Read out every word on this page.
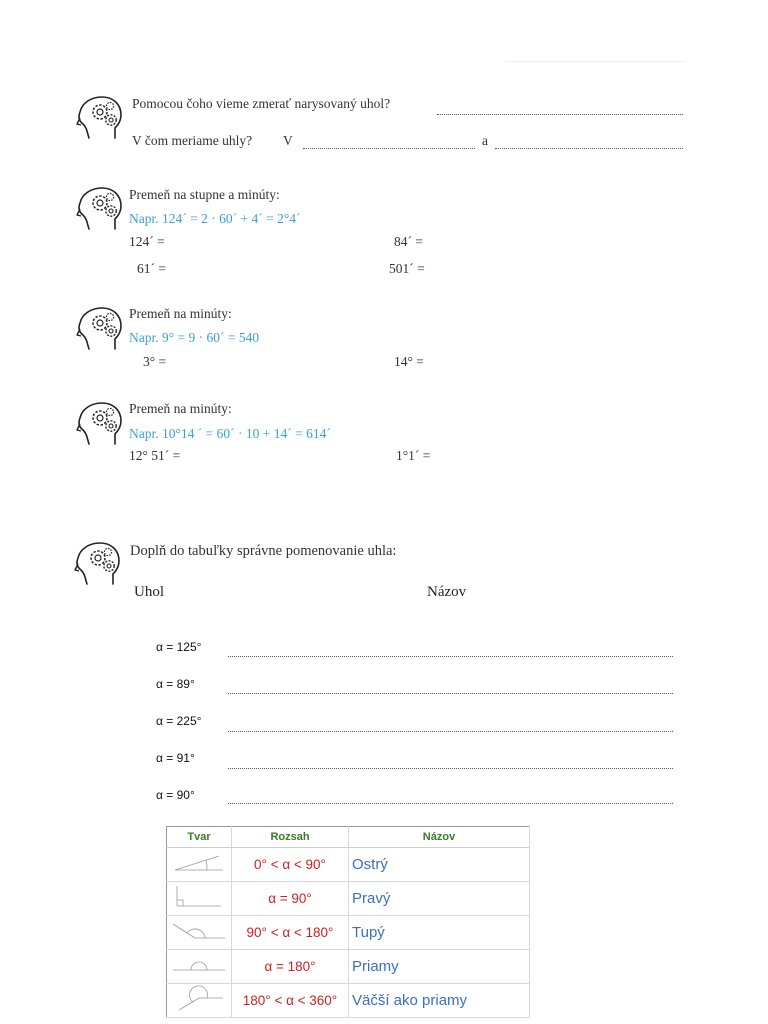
Pomocou čoho vieme zmerať narysovaný uhol?
V čom meriame uhly? V	a
Premeň na stupne a minúty:
Napr. 124´ = 2 · 60´ + 4´ = 2°4´
124´ =	84´ =
61´ =	501´ =
Premeň na minúty:
Napr. 9° = 9 · 60´ = 540
3° =	14° =
Premeň na minúty:
Napr. 10°14 ´ = 60´ · 10 + 14´ = 614´
12° 51´ =	1°1´ =
Doplň do tabuľky správne pomenovanie uhla:
Uhol	Názov
α = 125°
α = 89°
α = 225°
α = 91°
α = 90°
Tvar	Rozsah	Názov
	0° < α < 90°	Ostrý
	α = 90°	Pravý
	90° < α < 180°	Tupý
	α = 180°	Priamy
	180° < α < 360°	Väčší ako priamy
